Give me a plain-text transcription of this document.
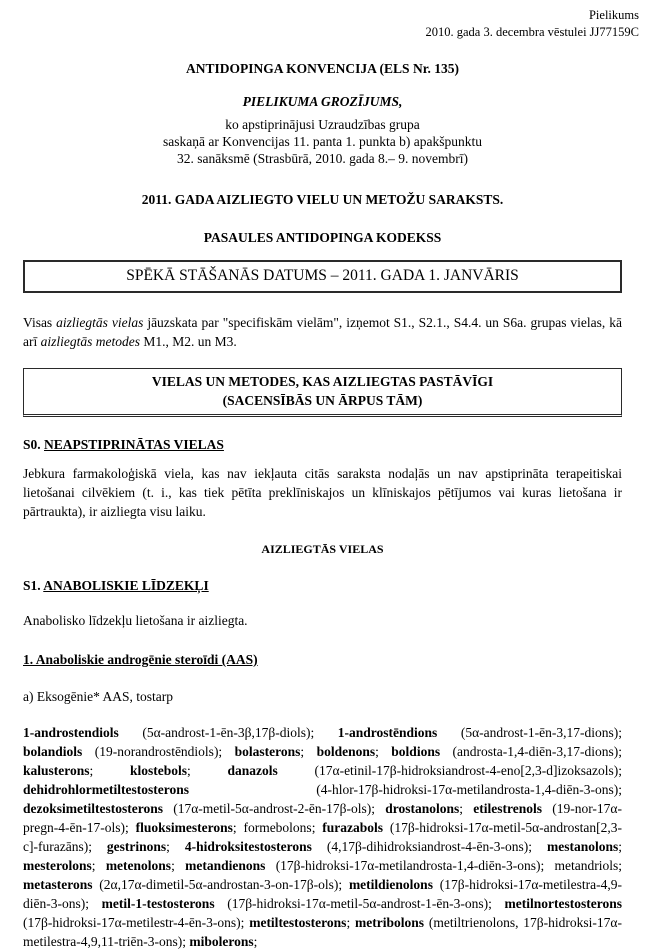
Pielikums
2010. gada 3. decembra vēstulei JJ77159C

ANTIDOPINGA KONVENCIJA (ELS Nr. 135)

PIELIKUMA GROZĪJUMS,

ko apstiprinājusi Uzraudzības grupa

saskaņā ar Konvencijas 11. panta 1. punkta b) apakšpunktu

32. sanāksmē (Strasbūrā, 2010. gada 8.– 9. novembrī)

2011. GADA AIZLIEGTO VIELU UN METOŽU SARAKSTS.

PASAULES ANTIDOPINGA KODEKSS

SPĒKĀ STĀŠANĀS DATUMS – 2011. GADA 1. JANVĀRIS

Visas aizliegtās vielas jāuzskata par "specifiskām vielām", izņemot S1., S2.1., S4.4. un S6a. grupas vielas, kā arī aizliegtās metodes M1., M2. un M3.

VIELAS UN METODES, KAS AIZLIEGTAS PASTĀVĪGI
(SACENSĪBĀS UN ĀRPUS TĀM)

S0. NEAPSTIPRINĀTAS VIELAS

Jebkura farmakoloģiskā viela, kas nav iekļauta citās saraksta nodaļās un nav apstiprināta terapeitiskai lietošanai cilvēkiem (t. i., kas tiek pētīta preklīniskajos un klīniskajos pētījumos vai kuras lietošana ir pārtraukta), ir aizliegta visu laiku.

AIZLIEGTĀS VIELAS

S1. ANABOLISKIE LĪDZEKĻI

Anabolisko līdzekļu lietošana ir aizliegta.

1. Anaboliskie androgēnie steroīdi (AAS)

a) Eksogēnie* AAS, tostarp

1-androstendiols (5α-androst-1-ēn-3β,17β-diols); 1-androstēndions (5α-androst-1-ēn-3,17-dions); bolandiols (19-norandrostēndiols); bolasterons; boldenons; boldions (androsta-1,4-diēn-3,17-dions); kalusterons; klostebols; danazols (17α-etinil-17β-hidroksiandrost-4-eno[2,3-d]izoksazols); dehidrohlormetiltestosterons (4-hlor-17β-hidroksi-17α-metilandrosta-1,4-diēn-3-ons); dezoksimetiltestosterons (17α-metil-5α-androst-2-ēn-17β-ols); drostanolons; etilestrenols (19-nor-17α-pregn-4-ēn-17-ols); fluoksimesterons; formebolons; furazabols (17β-hidroksi-17α-metil-5α-androstan[2,3-c]-furazāns); gestrinons; 4-hidroksitestosterons (4,17β-dihidroksiandrost-4-ēn-3-ons); mestanolons; mesterolons; metenolons; metandienons (17β-hidroksi-17α-metilandrosta-1,4-diēn-3-ons); metandriols; metasterons (2α,17α-dimetil-5α-androstan-3-on-17β-ols); metildienolons (17β-hidroksi-17α-metilestra-4,9-diēn-3-ons); metil-1-testosterons (17β-hidroksi-17α-metil-5α-androst-1-ēn-3-ons); metilnortestosterons (17β-hidroksi-17α-metilestr-4-ēn-3-ons); metiltestosterons; metribolons (metiltrienolons, 17β-hidroksi-17α-metilestra-4,9,11-triēn-3-ons); mibolerons;
